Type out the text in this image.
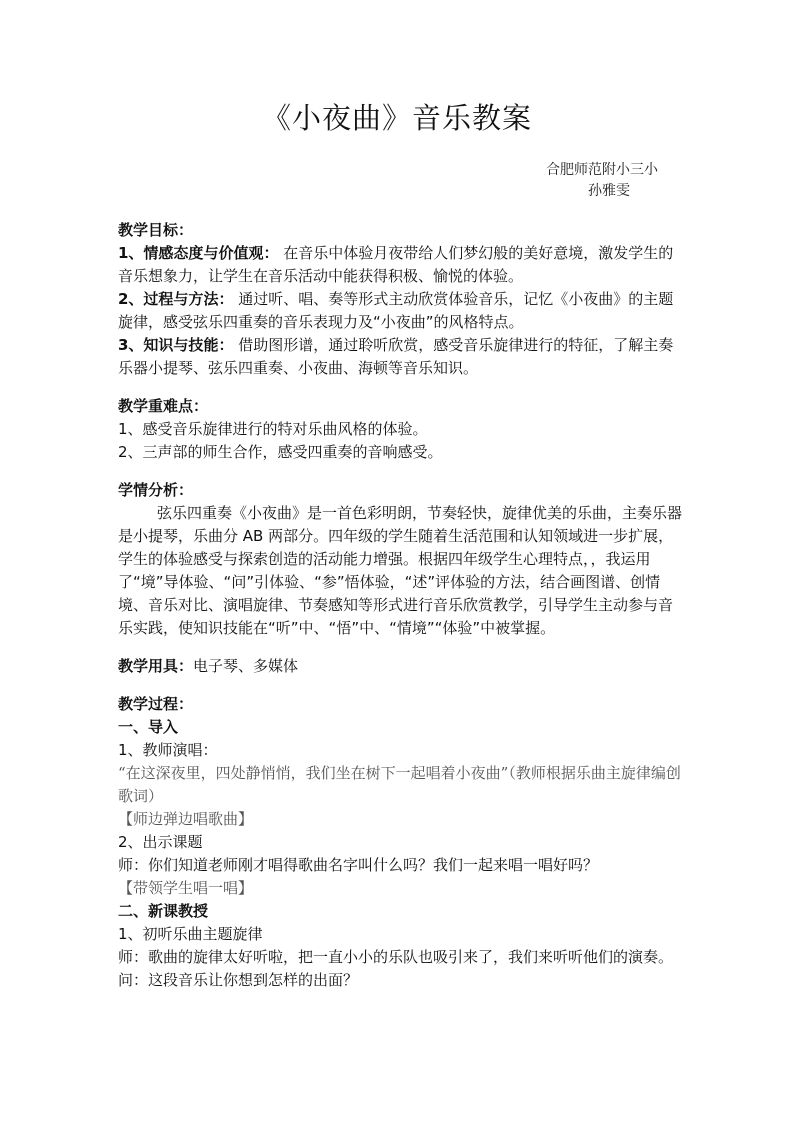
《小夜曲》音乐教案
合肥师范附小三小
孙雅雯

教学目标：

1、情感态度与价值观： 在音乐中体验月夜带给人们梦幻般的美好意境，激发学生的音乐想象力，让学生在音乐活动中能获得积极、愉悦的体验。

2、过程与方法： 通过听、唱、奏等形式主动欣赏体验音乐，记忆《小夜曲》的主题旋律，感受弦乐四重奏的音乐表现力及“小夜曲”的风格特点。

3、知识与技能： 借助图形谱，通过聆听欣赏，感受音乐旋律进行的特征，了解主奏乐器小提琴、弦乐四重奏、小夜曲、海顿等音乐知识。

教学重难点：

1、感受音乐旋律进行的特对乐曲风格的体验。

2、三声部的师生合作，感受四重奏的音响感受。

学情分析：

弦乐四重奏《小夜曲》是一首色彩明朗，节奏轻快，旋律优美的乐曲，主奏乐器是小提琴，乐曲分 AB 两部分。四年级的学生随着生活范围和认知领域进一步扩展，学生的体验感受与探索创造的活动能力增强。根据四年级学生心理特点，，我运用了“境”导体验、“问”引体验、“参”悟体验，“述”评体验的方法，结合画图谱、创情境、音乐对比、演唱旋律、节奏感知等形式进行音乐欣赏教学，引导学生主动参与音乐实践，使知识技能在“听”中、“悟”中、“情境”“体验”中被掌握。

教学用具：电子琴、多媒体

教学过程：

一、导入

1、教师演唱：

“在这深夜里，四处静悄悄，我们坐在树下一起唱着小夜曲”（教师根据乐曲主旋律编创歌词）

【师边弹边唱歌曲】

2、出示课题

师：你们知道老师刚才唱得歌曲名字叫什么吗？我们一起来唱一唱好吗？

【带领学生唱一唱】

二、新课教授

1、初听乐曲主题旋律

师：歌曲的旋律太好听啦，把一直小小的乐队也吸引来了，我们来听听他们的演奏。

问：这段音乐让你想到怎样的出面？
